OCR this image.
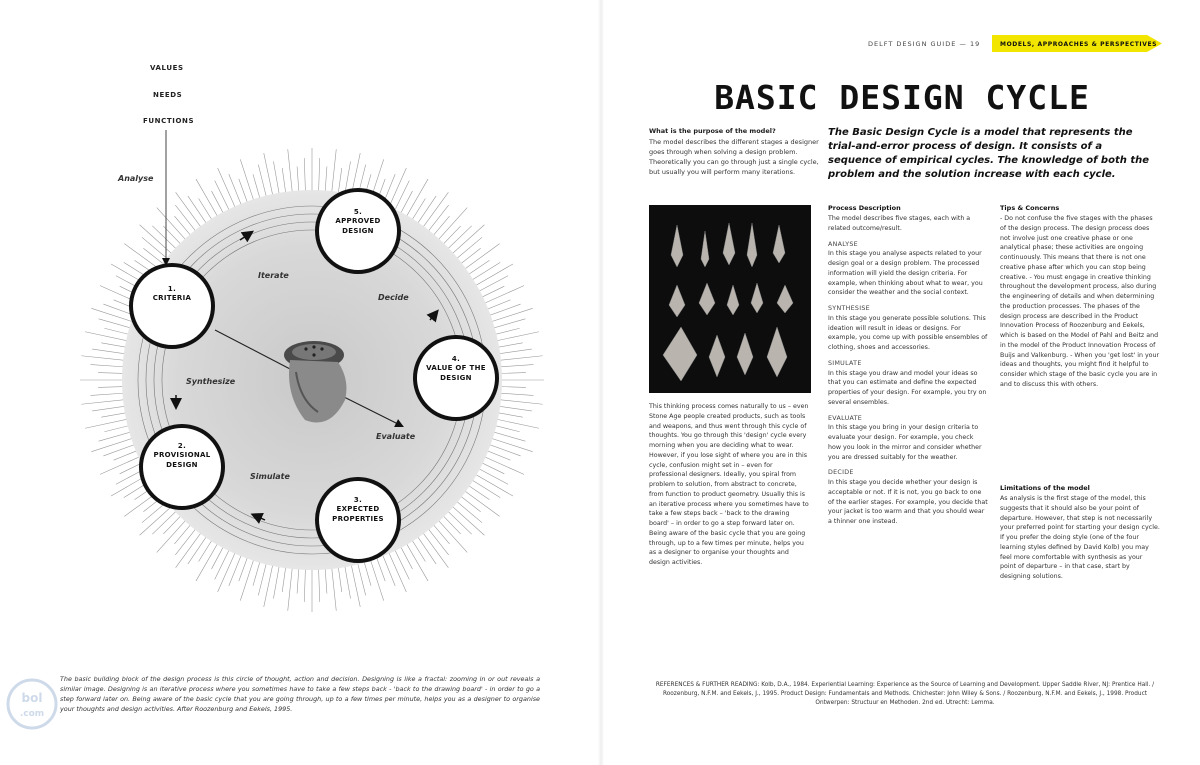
VALUES
NEEDS
FUNCTIONS
Analyse
Iterate
Decide
Synthesize
Evaluate
Simulate
1.
CRITERIA
2.
PROVISIONAL
DESIGN
3.
EXPECTED
PROPERTIES
4.
VALUE OF THE
DESIGN
5.
APPROVED
DESIGN
The basic building block of the design process is this circle of thought, action and decision. Designing is like a fractal: zooming in or out reveals a similar image. Designing is an iterative process where you sometimes have to take a few steps back - 'back to the drawing board' - in order to go a step forward later on. Being aware of the basic cycle that you are going through, up to a few times per minute, helps you as a designer to organise your thoughts and design activities. After Roozenburg and Eekels, 1995.
bol
.com
DELFT DESIGN GUIDE — 19	MODELS, APPROACHES & PERSPECTIVES
BASIC DESIGN CYCLE
What is the purpose of the model?
The model describes the different stages a designer goes through when solving a design problem. Theoretically you can go through just a single cycle, but usually you will perform many iterations.
The Basic Design Cycle is a model that represents the trial-and-error process of design. It consists of a sequence of empirical cycles. The knowledge of both the problem and the solution increase with each cycle.
This thinking process comes naturally to us – even Stone Age people created products, such as tools and weapons, and thus went through this cycle of thoughts. You go through this 'design' cycle every morning when you are deciding what to wear. However, if you lose sight of where you are in this cycle, confusion might set in – even for professional designers. Ideally, you spiral from problem to solution, from abstract to concrete, from function to product geometry. Usually this is an iterative process where you sometimes have to take a few steps back – 'back to the drawing board' – in order to go a step forward later on. Being aware of the basic cycle that you are going through, up to a few times per minute, helps you as a designer to organise your thoughts and design activities.
Process Description

The model describes five stages, each with a related outcome/result.

ANALYSE

In this stage you analyse aspects related to your design goal or a design problem. The processed information will yield the design criteria. For example, when thinking about what to wear, you consider the weather and the social context.

SYNTHESISE

In this stage you generate possible solutions. This ideation will result in ideas or designs. For example, you come up with possible ensembles of clothing, shoes and accessories.

SIMULATE

In this stage you draw and model your ideas so that you can estimate and define the expected properties of your design. For example, you try on several ensembles.

EVALUATE

In this stage you bring in your design criteria to evaluate your design. For example, you check how you look in the mirror and consider whether you are dressed suitably for the weather.

DECIDE

In this stage you decide whether your design is acceptable or not. If it is not, you go back to one of the earlier stages. For example, you decide that your jacket is too warm and that you should wear a thinner one instead.

Tips & Concerns
- Do not confuse the five stages with the phases of the design process. The design process does not involve just one creative phase or one analytical phase; these activities are ongoing continuously. This means that there is not one creative phase after which you can stop being creative. - You must engage in creative thinking throughout the development process, also during the engineering of details and when determining the production processes. The phases of the design process are described in the Product Innovation Process of Roozenburg and Eekels, which is based on the Model of Pahl and Beitz and in the model of the Product Innovation Process of Buijs and Valkenburg. - When you 'get lost' in your ideas and thoughts, you might find it helpful to consider which stage of the basic cycle you are in and to discuss this with others.
Limitations of the model
As analysis is the first stage of the model, this suggests that it should also be your point of departure. However, that step is not necessarily your preferred point for starting your design cycle. If you prefer the doing style (one of the four learning styles defined by David Kolb) you may feel more comfortable with synthesis as your point of departure – in that case, start by designing solutions.
REFERENCES & FURTHER READING: Kolb, D.A., 1984. Experiential Learning: Experience as the Source of Learning and Development. Upper Saddle River, NJ: Prentice Hall. / Roozenburg, N.F.M. and Eekels, J., 1995. Product Design: Fundamentals and Methods. Chichester: John Wiley & Sons. / Roozenburg, N.F.M. and Eekels, J., 1998. Product Ontwerpen: Structuur en Methoden. 2nd ed. Utrecht: Lemma.
